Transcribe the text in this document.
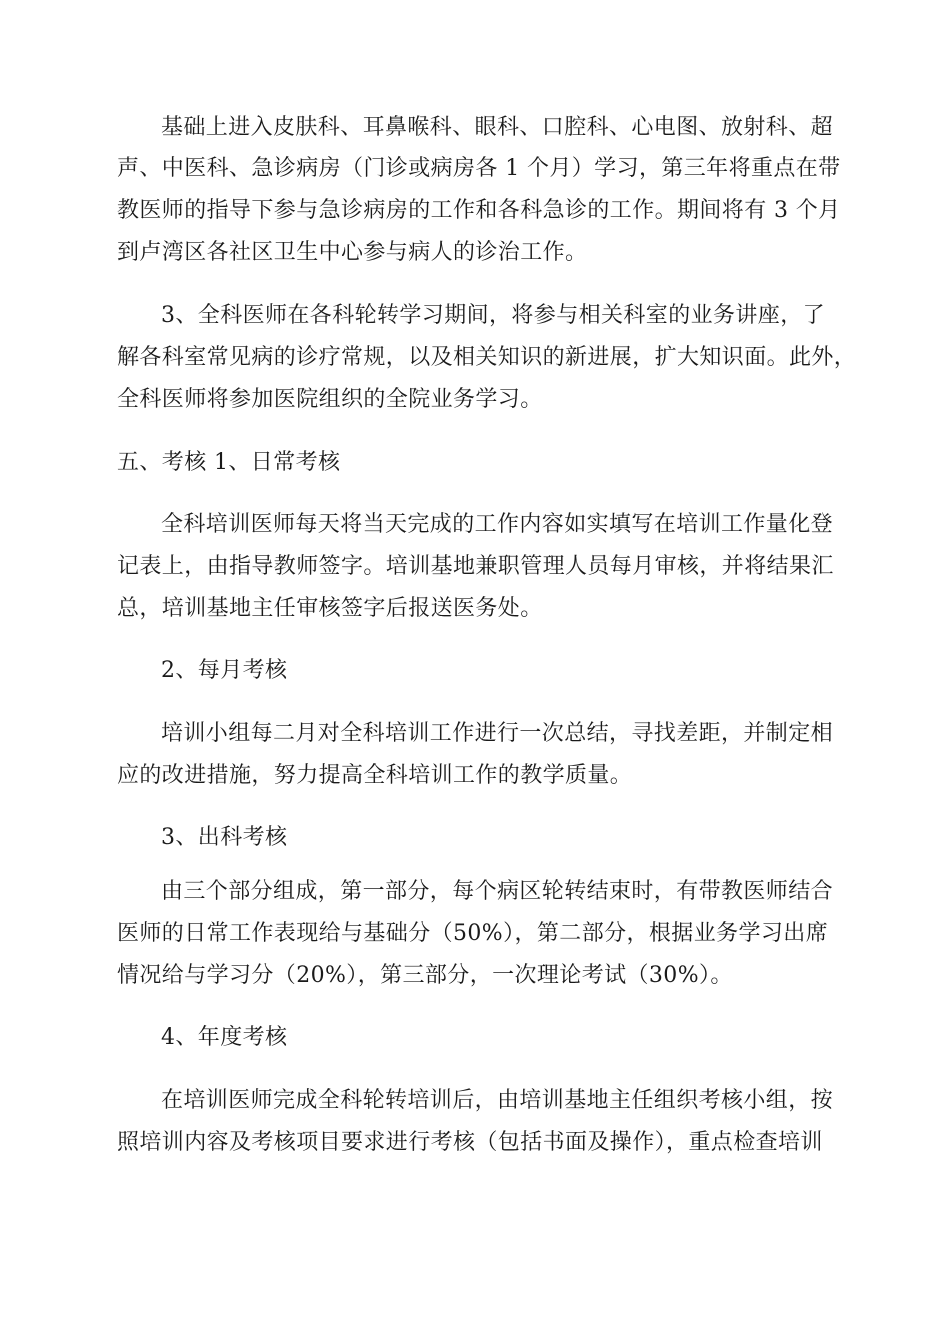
基础上进入皮肤科、耳鼻喉科、眼科、口腔科、心电图、放射科、超
声、中医科、急诊病房（门诊或病房各 1 个月）学习，第三年将重点在带
教医师的指导下参与急诊病房的工作和各科急诊的工作。期间将有 3 个月
到卢湾区各社区卫生中心参与病人的诊治工作。
3、全科医师在各科轮转学习期间，将参与相关科室的业务讲座，了
解各科室常见病的诊疗常规，以及相关知识的新进展，扩大知识面。此外，
全科医师将参加医院组织的全院业务学习。
五、考核 1、日常考核
全科培训医师每天将当天完成的工作内容如实填写在培训工作量化登
记表上，由指导教师签字。培训基地兼职管理人员每月审核，并将结果汇
总，培训基地主任审核签字后报送医务处。
2、每月考核
培训小组每二月对全科培训工作进行一次总结，寻找差距，并制定相
应的改进措施，努力提高全科培训工作的教学质量。
3、出科考核
由三个部分组成，第一部分，每个病区轮转结束时，有带教医师结合
医师的日常工作表现给与基础分（50%），第二部分，根据业务学习出席
情况给与学习分（20%），第三部分，一次理论考试（30%）。
4、年度考核
在培训医师完成全科轮转培训后，由培训基地主任组织考核小组，按
照培训内容及考核项目要求进行考核（包括书面及操作），重点检查培训
